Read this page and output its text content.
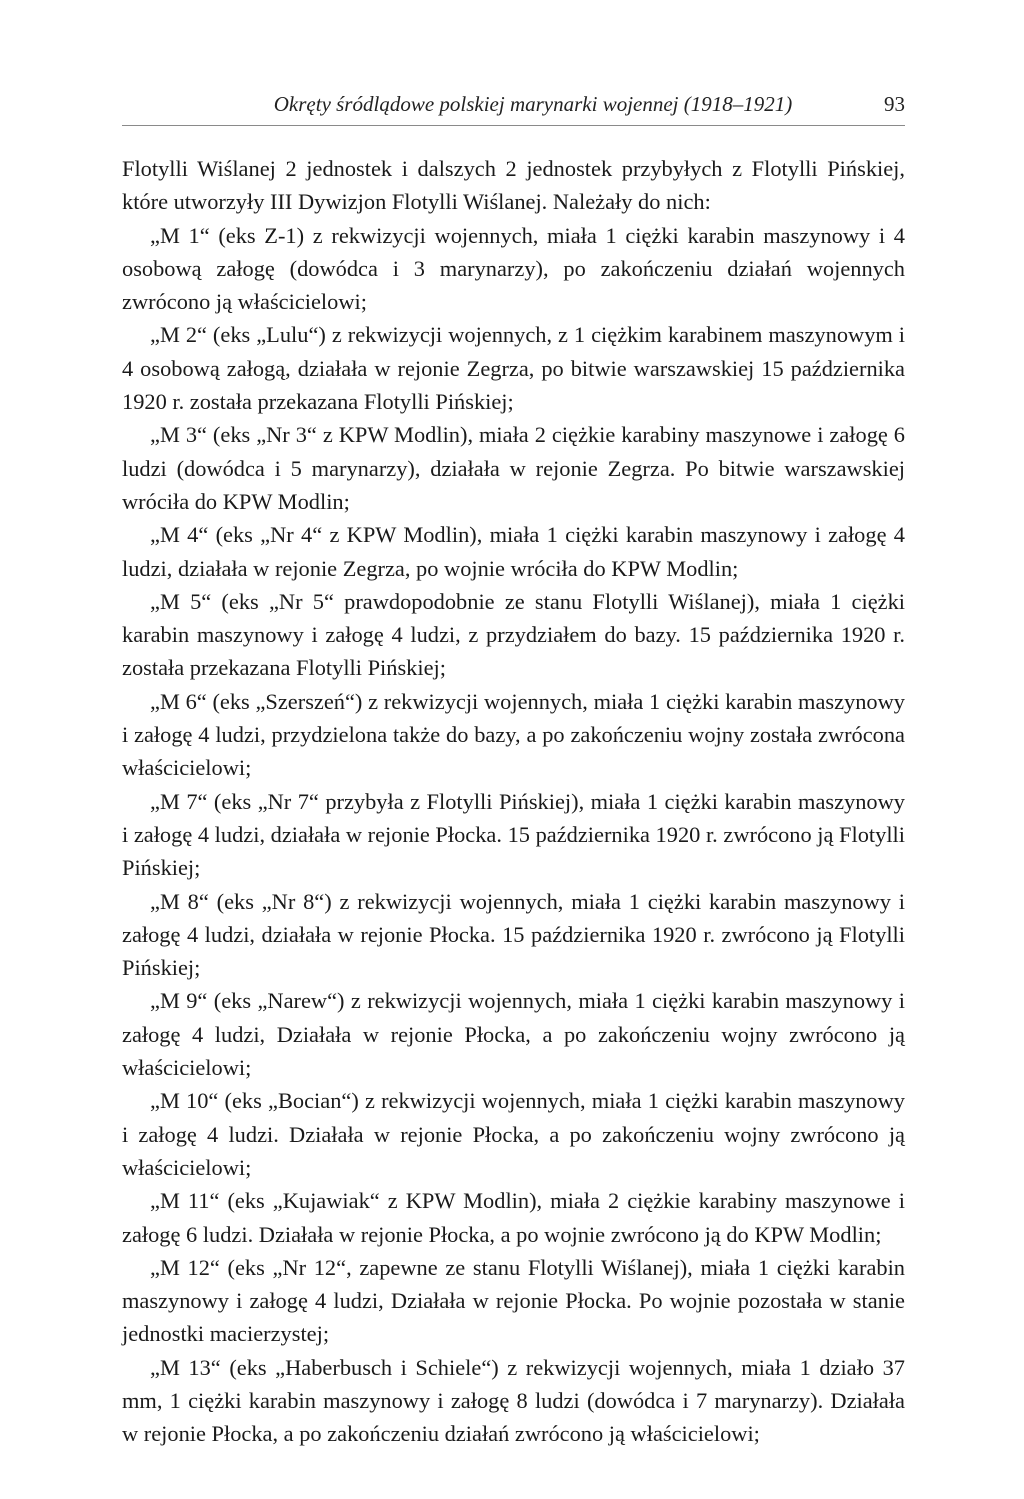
Okręty śródlądowe polskiej marynarki wojennej (1918–1921)	93

Flotylli Wiślanej 2 jednostek i dalszych 2 jednostek przybyłych z Flotylli Pińskiej, które utworzyły III Dywizjon Flotylli Wiślanej. Należały do nich:

„M 1“ (eks Z-1) z rekwizycji wojennych, miała 1 ciężki karabin maszynowy i 4 osobową załogę (dowódca i 3 marynarzy), po zakończeniu działań wojennych zwrócono ją właścicielowi;

„M 2“ (eks „Lulu“) z rekwizycji wojennych, z 1 ciężkim karabinem maszynowym i 4 osobową załogą, działała w rejonie Zegrza, po bitwie warszawskiej 15 października 1920 r. została przekazana Flotylli Pińskiej;

„M 3“ (eks „Nr 3“ z KPW Modlin), miała 2 ciężkie karabiny maszynowe i załogę 6 ludzi (dowódca i 5 marynarzy), działała w rejonie Zegrza. Po bitwie warszawskiej wróciła do KPW Modlin;

„M 4“ (eks „Nr 4“ z KPW Modlin), miała 1 ciężki karabin maszynowy i załogę 4 ludzi, działała w rejonie Zegrza, po wojnie wróciła do KPW Modlin;

„M 5“ (eks „Nr 5“ prawdopodobnie ze stanu Flotylli Wiślanej), miała 1 ciężki karabin maszynowy i załogę 4 ludzi, z przydziałem do bazy. 15 października 1920 r. została przekazana Flotylli Pińskiej;

„M 6“ (eks „Szerszeń“) z rekwizycji wojennych, miała 1 ciężki karabin maszynowy i załogę 4 ludzi, przydzielona także do bazy, a po zakończeniu wojny została zwrócona właścicielowi;

„M 7“ (eks „Nr 7“ przybyła z Flotylli Pińskiej), miała 1 ciężki karabin maszynowy i załogę 4 ludzi, działała w rejonie Płocka. 15 października 1920 r. zwrócono ją Flotylli Pińskiej;

„M 8“ (eks „Nr 8“) z rekwizycji wojennych, miała 1 ciężki karabin maszynowy i załogę 4 ludzi, działała w rejonie Płocka. 15 października 1920 r. zwrócono ją Flotylli Pińskiej;

„M 9“ (eks „Narew“) z rekwizycji wojennych, miała 1 ciężki karabin maszynowy i załogę 4 ludzi, Działała w rejonie Płocka, a po zakończeniu wojny zwrócono ją właścicielowi;

„M 10“ (eks „Bocian“) z rekwizycji wojennych, miała 1 ciężki karabin maszynowy i załogę 4 ludzi. Działała w rejonie Płocka, a po zakończeniu wojny zwrócono ją właścicielowi;

„M 11“ (eks „Kujawiak“ z KPW Modlin), miała 2 ciężkie karabiny maszynowe i załogę 6 ludzi. Działała w rejonie Płocka, a po wojnie zwrócono ją do KPW Modlin;

„M 12“ (eks „Nr 12“, zapewne ze stanu Flotylli Wiślanej), miała 1 ciężki karabin maszynowy i załogę 4 ludzi, Działała w rejonie Płocka. Po wojnie pozostała w stanie jednostki macierzystej;

„M 13“ (eks „Haberbusch i Schiele“) z rekwizycji wojennych, miała 1 działo 37 mm, 1 ciężki karabin maszynowy i załogę 8 ludzi (dowódca i 7 marynarzy). Działała w rejonie Płocka, a po zakończeniu działań zwrócono ją właścicielowi;
